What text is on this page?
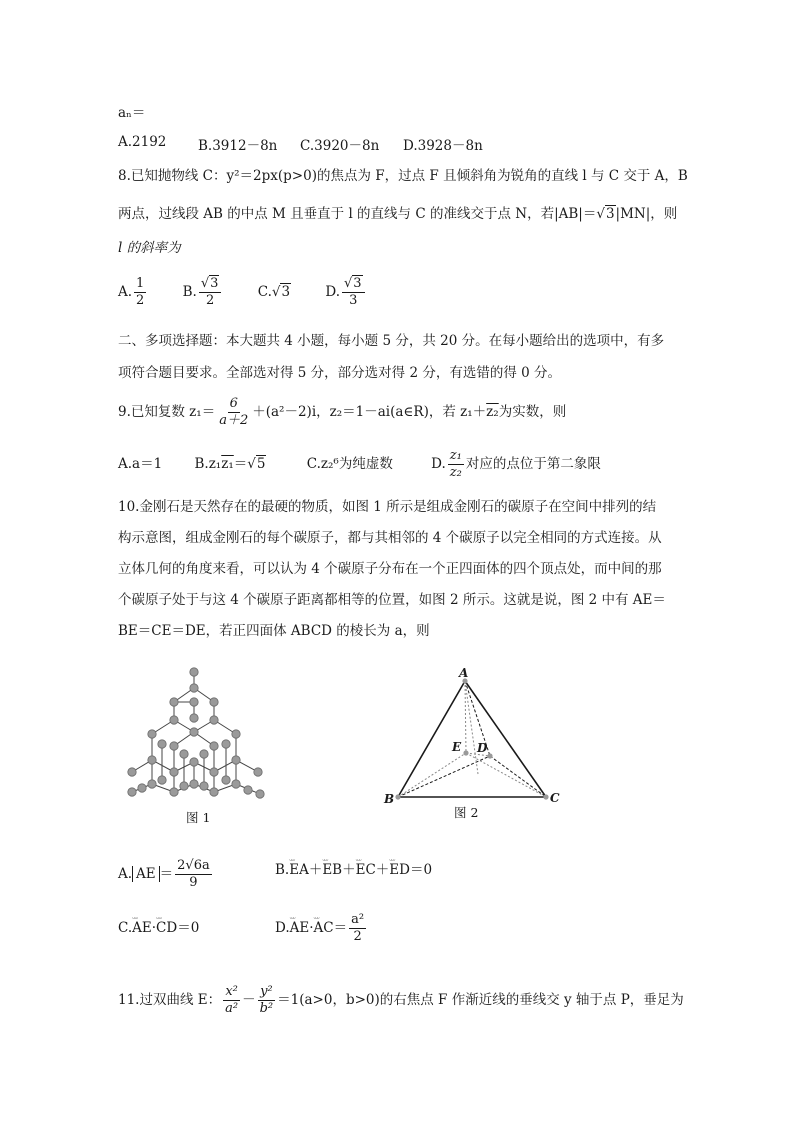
aₙ＝
A.2192 B.3912－8n C.3920－8n D.3928－8n
8.已知抛物线 C：y²＝2px(p>0)的焦点为 F，过点 F 且倾斜角为锐角的直线 l 与 C 交于 A，B
两点，过线段 AB 的中点 M 且垂直于 l 的直线与 C 的准线交于点 N，若|AB|＝√3|MN|，则
l 的斜率为
A. $\frac{1}{2}$	B. $\frac{√3}{2}$	C.√3	D. $\frac{√3}{3}$
二、多项选择题：本大题共 4 小题，每小题 5 分，共 20 分。在每小题给出的选项中，有多
项符合题目要求。全部选对得 5 分，部分选对得 2 分，有选错的得 0 分。
9.已知复数 $z_1= \frac{6}{a+2} +(a^2-2)i$，z₂＝1－ai(a∈R)，若 z₁＋z₂为实数，则
A.a＝1 B.z₁z₁＝√5	C.z₂⁶为纯虚数	D. $\frac{\text{z₁}}{\text{z₂}}$ 对应的点位于第二象限
10.金刚石是天然存在的最硬的物质，如图 1 所示是组成金刚石的碳原子在空间中排列的结
构示意图，组成金刚石的每个碳原子，都与其相邻的 4 个碳原子以完全相同的方式连接。从
立体几何的角度来看，可以认为 4 个碳原子分布在一个正四面体的四个顶点处，而中间的那
个碳原子处于与这 4 个碳原子距离都相等的位置，如图 2 所示。这就是说，图 2 中有 AE＝
BE＝CE＝DE，若正四面体 ABCD 的棱长为 a，则
图 1
A
B	C
D
E
图 2
A. AE ＝ $\frac{2√6a}{9}$	B.ᵕᵕᵕ EA＋ᵕᵕᵕ EB＋ᵕᵕᵕ EC＋ᵕᵕᵕ ED＝0
C.ᵕᵕᵕ AE·ᵕᵕᵕ CD＝0	D.ᵕᵕᵕ AE·ᵕᵕᵕ $AC= \frac{\text{a²}}{2}$
11.过双曲线 E： $\frac{\text{x²}}{\text{a²}} - \frac{\text{y²}}{\text{b²}} =1(a>0$，b>0)的右焦点 F 作渐近线的垂线交 y 轴于点 P，垂足为
